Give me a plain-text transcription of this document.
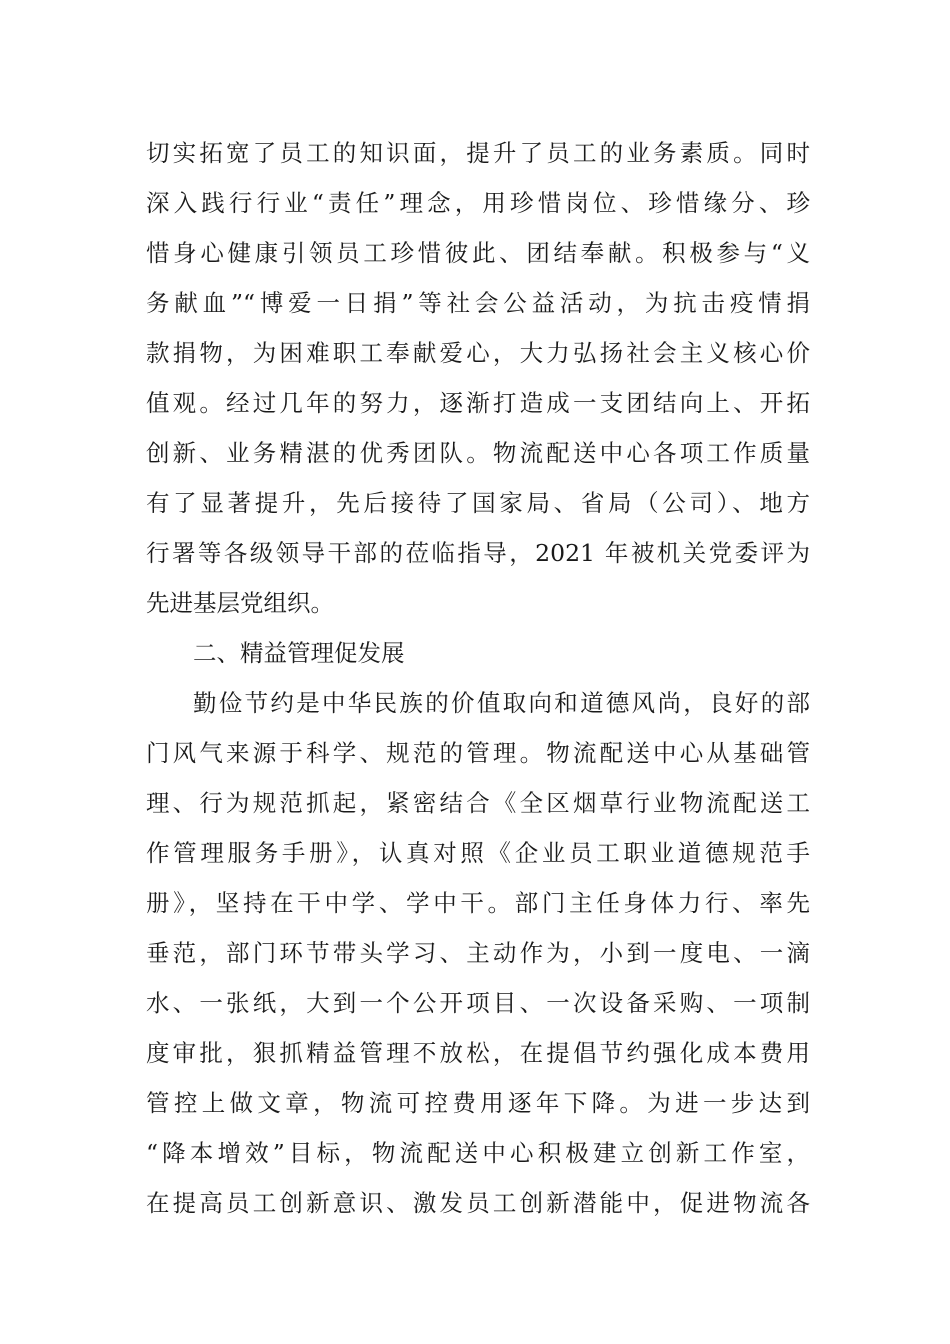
切实拓宽了员工的知识面，提升了员工的业务素质。同时
深入践行行业“责任”理念，用珍惜岗位、珍惜缘分、珍
惜身心健康引领员工珍惜彼此、团结奉献。积极参与“义
务献血”“博爱一日捐”等社会公益活动，为抗击疫情捐
款捐物，为困难职工奉献爱心，大力弘扬社会主义核心价
值观。经过几年的努力，逐渐打造成一支团结向上、开拓
创新、业务精湛的优秀团队。物流配送中心各项工作质量
有了显著提升，先后接待了国家局、省局（公司）、地方
行署等各级领导干部的莅临指导，2021 年被机关党委评为
先进基层党组织。
二、精益管理促发展
勤俭节约是中华民族的价值取向和道德风尚，良好的部
门风气来源于科学、规范的管理。物流配送中心从基础管
理、行为规范抓起，紧密结合《全区烟草行业物流配送工
作管理服务手册》，认真对照《企业员工职业道德规范手
册》，坚持在干中学、学中干。部门主任身体力行、率先
垂范，部门环节带头学习、主动作为，小到一度电、一滴
水、一张纸，大到一个公开项目、一次设备采购、一项制
度审批，狠抓精益管理不放松，在提倡节约强化成本费用
管控上做文章，物流可控费用逐年下降。为进一步达到
“降本增效”目标，物流配送中心积极建立创新工作室，
在提高员工创新意识、激发员工创新潜能中，促进物流各
